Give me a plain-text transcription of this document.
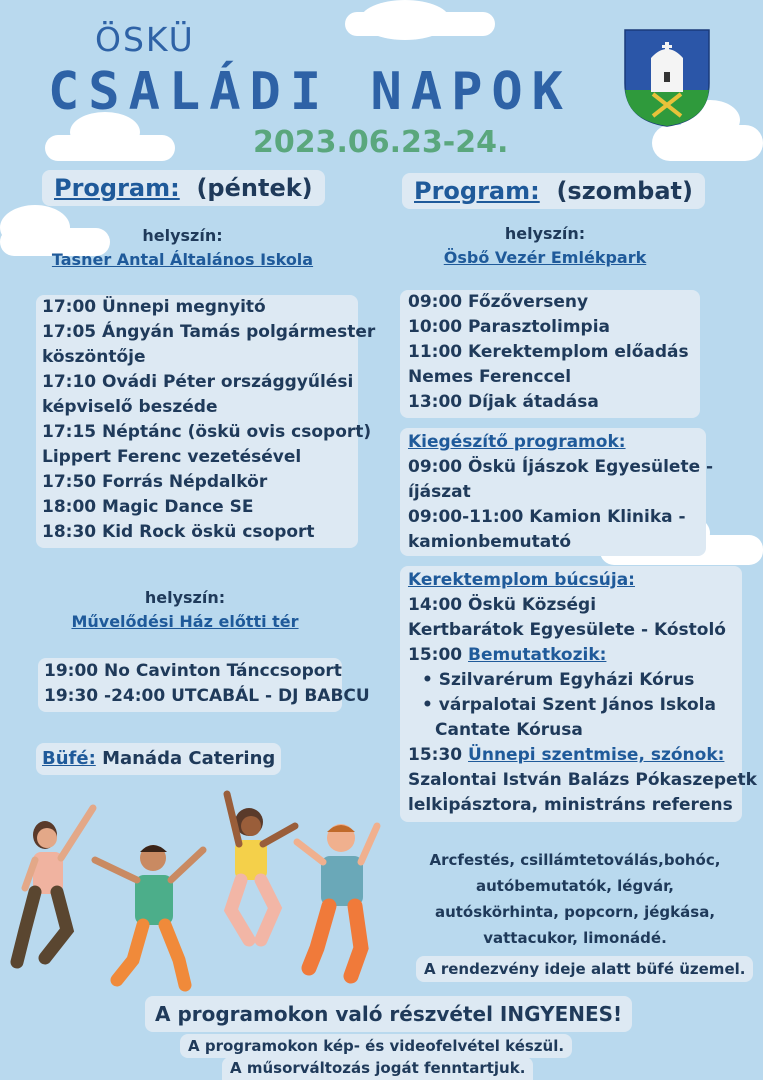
ÖSKÜ
CSALÁDI NAPOK
2023.06.23-24.
Program: (péntek)
helyszín:
Tasner Antal Általános Iskola
17:00 Ünnepi megnyitó
17:05 Ángyán Tamás polgármester
köszöntője
17:10 Ovádi Péter országgyűlési
képviselő beszéde
17:15 Néptánc (öskü ovis csoport)
Lippert Ferenc vezetésével
17:50 Forrás Népdalkör
18:00 Magic Dance SE
18:30 Kid Rock öskü csoport
helyszín:
Művelődési Ház előtti tér
19:00 No Cavinton Tánccsoport
19:30 -24:00 UTCABÁL - DJ BABCU
Büfé: Manáda Catering
Program: (szombat)
helyszín:
Ösbő Vezér Emlékpark
09:00 Főzőverseny
10:00 Parasztolimpia
11:00 Kerektemplom előadás
Nemes Ferenccel
13:00 Díjak átadása
Kiegészítő programok:
09:00 Öskü Íjászok Egyesülete -
íjászat
09:00-11:00 Kamion Klinika -
kamionbemutató
Kerektemplom búcsúja:
14:00 Öskü Községi
Kertbarátok Egyesülete - Kóstoló
15:00 Bemutatkozik:
• Szilvarérum Egyházi Kórus
• várpalotai Szent János Iskola
Cantate Kórusa
15:30 Ünnepi szentmise, szónok:
Szalontai István Balázs Pókaszepetk
lelkipásztora, ministráns referens
Arcfestés, csillámtetoválás,bohóc,
autóbemutatók, légvár,
autóskörhinta, popcorn, jégkása,
vattacukor, limonádé.
A rendezvény ideje alatt büfé üzemel.
A programokon való részvétel INGYENES!
A programokon kép- és videofelvétel készül.
A műsorváltozás jogát fenntartjuk.
